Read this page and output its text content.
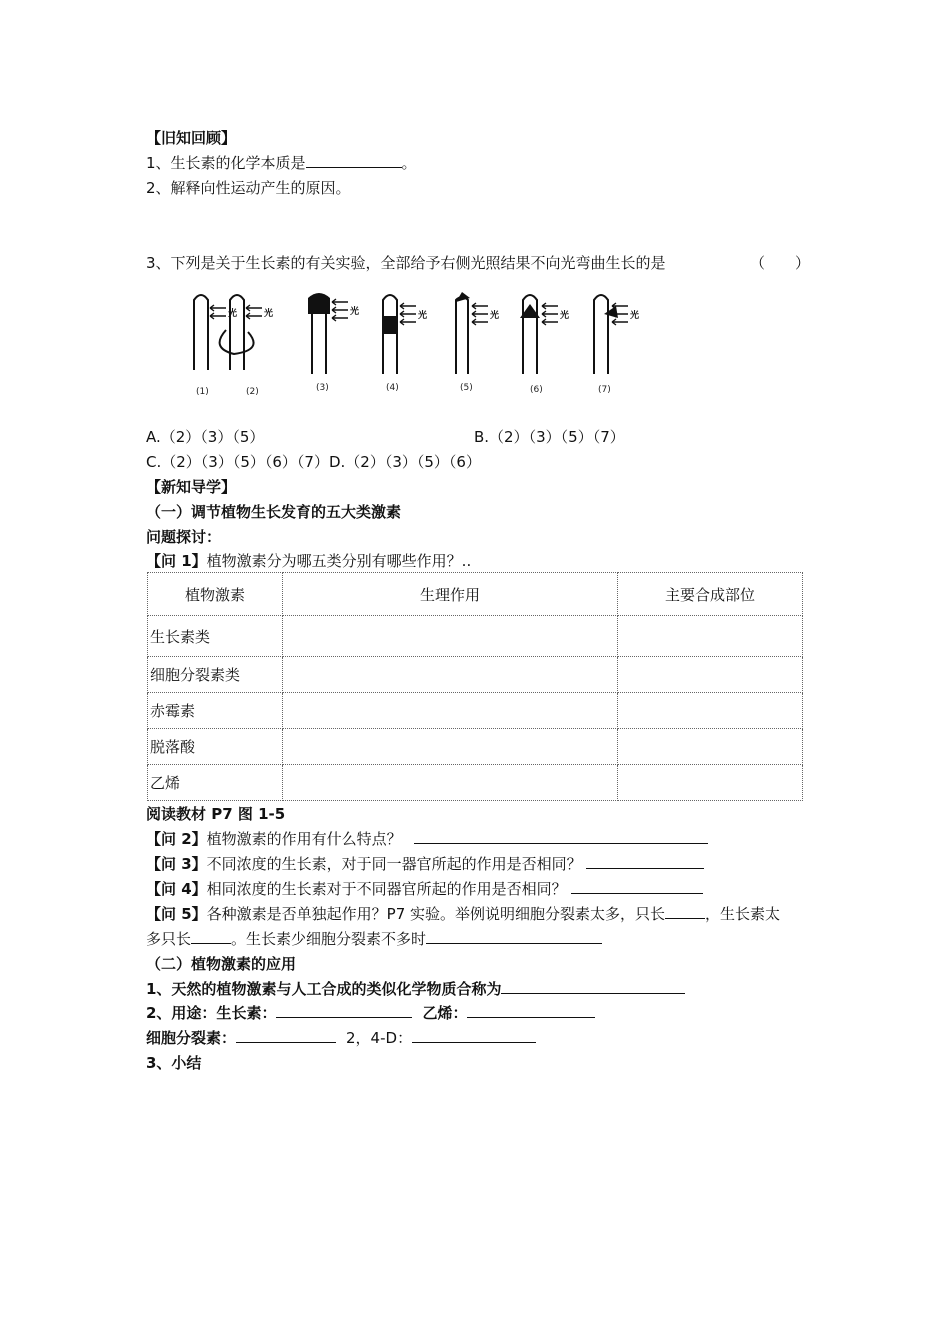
【旧知回顾】
1、生长素的化学本质是	。
2、解释向性运动产生的原因。
3、下列是关于生长素的有关实验，全部给予右侧光照结果不向光弯曲生长的是	（　　）
光	光	光	光	光	光	光
(1)	(2)	(3)	(4)	(5)	(6)	(7)
A.（2）（3）（5）	B.（2）（3）（5）（7）
C.（2）（3）（5）（6）（7）D.（2）（3）（5）（6）
【新知导学】
（一）调节植物生长发育的五大类激素
问题探讨：
【问 1】植物激素分为哪五类分别有哪些作用？..
植物激素	生理作用	主要合成部位
生长素类		
细胞分裂素类		
赤霉素		
脱落酸		
乙烯		
阅读教材 P7 图 1-5
【问 2】植物激素的作用有什么特点？
【问 3】不同浓度的生长素，对于同一器官所起的作用是否相同？
【问 4】相同浓度的生长素对于不同器官所起的作用是否相同？
【问 5】各种激素是否单独起作用？P7 实验。举例说明细胞分裂素太多，只长	，生长素太
多只长	。生长素少细胞分裂素不多时
（二）植物激素的应用
1、天然的植物激素与人工合成的类似化学物质合称为
2、用途：生长素：	乙烯：
细胞分裂素：	2，4-D：
3、小结
